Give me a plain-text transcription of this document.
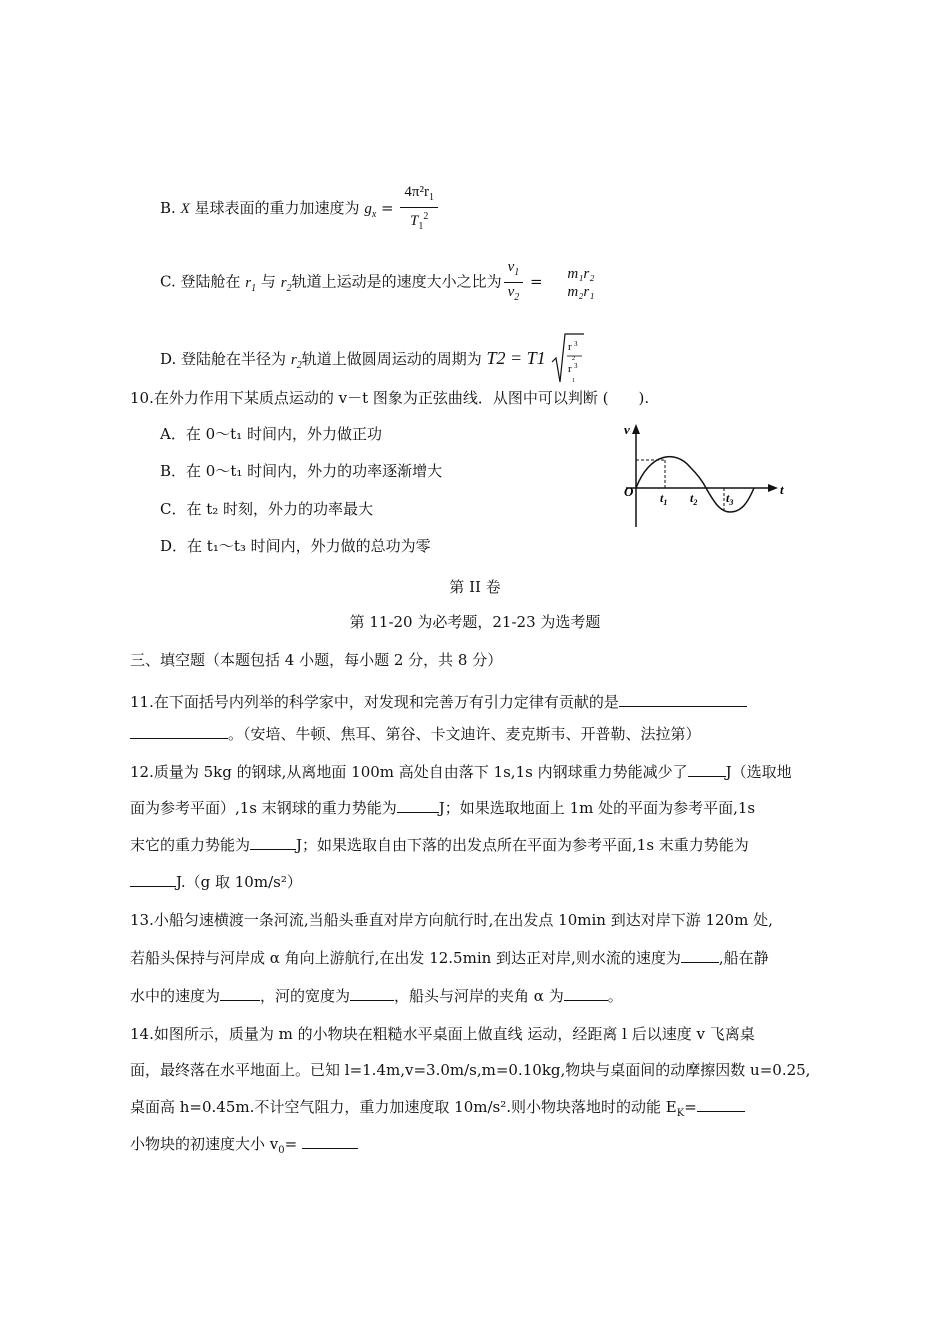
B. X 星球表面的重力加速度为 $g_x = \frac{4\pi^2r_1}{T_1^2}$
C. 登陆舱在 $r_1$ 与 $r_2$轨道上运动是的速度大小之比为 $\frac{v_1}{v_2} = m_1r_2$
m₂r₁
D. 登陆舱在半径为 $r_2$轨道上做圆周运动的周期为 T2 = T1
r 3
2
r 3
1
10.在外力作用下某质点运动的 v－t 图象为正弦曲线．从图中可以判断 (　　).
A．在 0～t₁ 时间内，外力做正功
B．在 0～t₁ 时间内，外力的功率逐渐增大
C．在 t₂ 时刻，外力的功率最大
D．在 t₁～t₃ 时间内，外力做的总功为零
v
O	t
$t_1$ $t_2$ $t_3$
第 II 卷
第 11-20 为必考题，21-23 为选考题
三、填空题（本题包括 4 小题，每小题 2 分，共 8 分）
11.在下面括号内列举的科学家中，对发现和完善万有引力定律有贡献的是
。（安培、牛顿、焦耳、第谷、卡文迪许、麦克斯韦、开普勒、法拉第）
12.质量为 5kg 的钢球,从离地面 100m 高处自由落下 1s,1s 内钢球重力势能减少了	J（选取地
面为参考平面）,1s 末钢球的重力势能为	J；如果选取地面上 1m 处的平面为参考平面,1s
末它的重力势能为	J；如果选取自由下落的出发点所在平面为参考平面,1s 末重力势能为
J.（g 取 10m/s²）
13.小船匀速横渡一条河流,当船头垂直对岸方向航行时,在出发点 10min 到达对岸下游 120m 处,
若船头保持与河岸成 α 角向上游航行,在出发 12.5min 到达正对岸,则水流的速度为	,船在静
水中的速度为	，河的宽度为	，船头与河岸的夹角 α 为	。
14.如图所示，质量为 m 的小物块在粗糙水平桌面上做直线 运动，经距离 l 后以速度 v 飞离桌
面，最终落在水平地面上。已知 l=1.4m,v=3.0m/s,m=0.10kg,物块与桌面间的动摩擦因数 u=0.25,
桌面高 h=0.45m.不计空气阻力，重力加速度取 10m/s².则小物块落地时的动能 $E_K=$
小物块的初速度大小 $v_0=$
